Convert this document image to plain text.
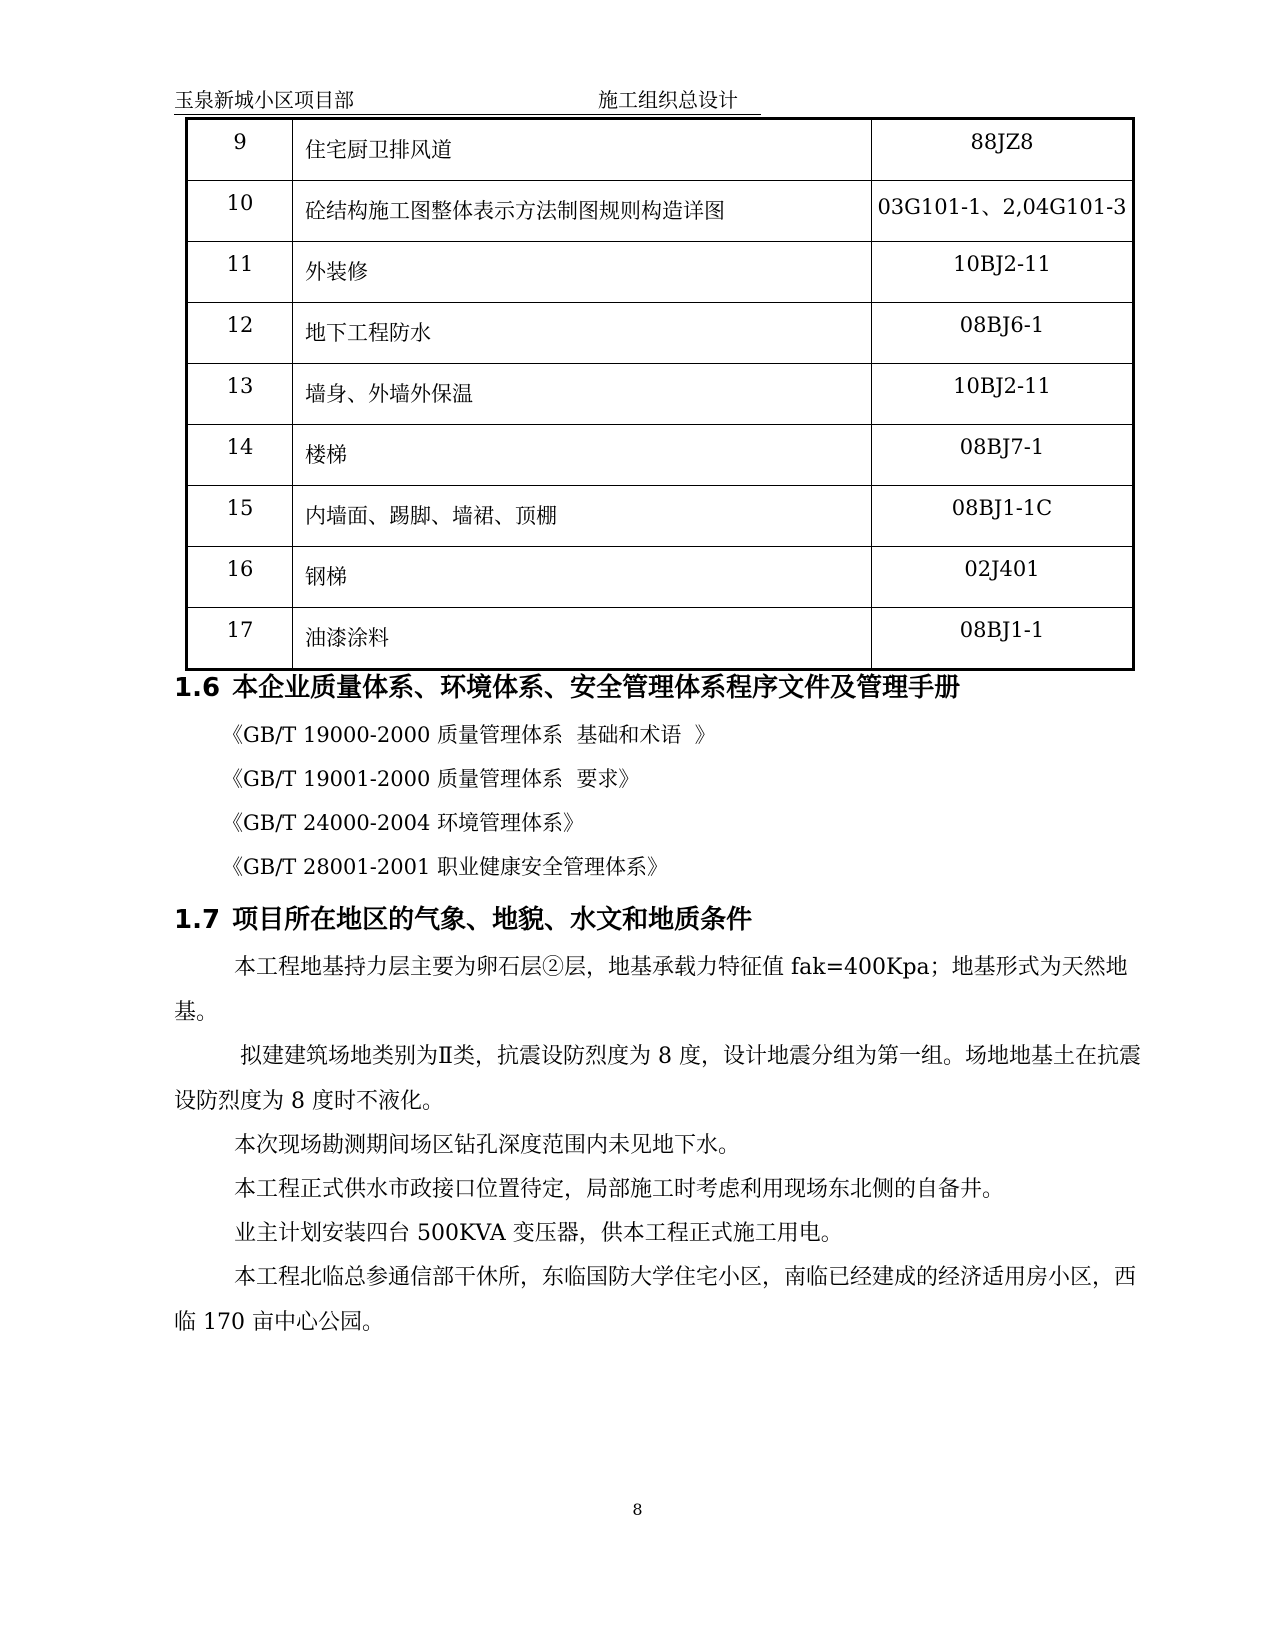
玉泉新城小区项目部	施工组织总设计
9	住宅厨卫排风道	88JZ8
10	砼结构施工图整体表示方法制图规则构造详图	03G101-1、2,04G101-3
11	外装修	10BJ2-11
12	地下工程防水	08BJ6-1
13	墙身、外墙外保温	10BJ2-11
14	楼梯	08BJ7-1
15	内墙面、踢脚、墙裙、顶棚	08BJ1-1C
16	钢梯	02J401
17	油漆涂料	08BJ1-1
1.6 本企业质量体系、环境体系、安全管理体系程序文件及管理手册
《GB/T 19000-2000 质量管理体系  基础和术语  》
《GB/T 19001-2000 质量管理体系  要求》
《GB/T 24000-2004 环境管理体系》
《GB/T 28001-2001 职业健康安全管理体系》
1.7 项目所在地区的气象、地貌、水文和地质条件

本工程地基持力层主要为卵石层②层，地基承载力特征值 fak=400Kpa；地基形式为天然地基。

拟建建筑场地类别为Ⅱ类，抗震设防烈度为 8 度，设计地震分组为第一组。场地地基土在抗震设防烈度为 8 度时不液化。

本次现场勘测期间场区钻孔深度范围内未见地下水。

本工程正式供水市政接口位置待定，局部施工时考虑利用现场东北侧的自备井。

业主计划安装四台 500KVA 变压器，供本工程正式施工用电。

本工程北临总参通信部干休所，东临国防大学住宅小区，南临已经建成的经济适用房小区，西临 170 亩中心公园。

8
